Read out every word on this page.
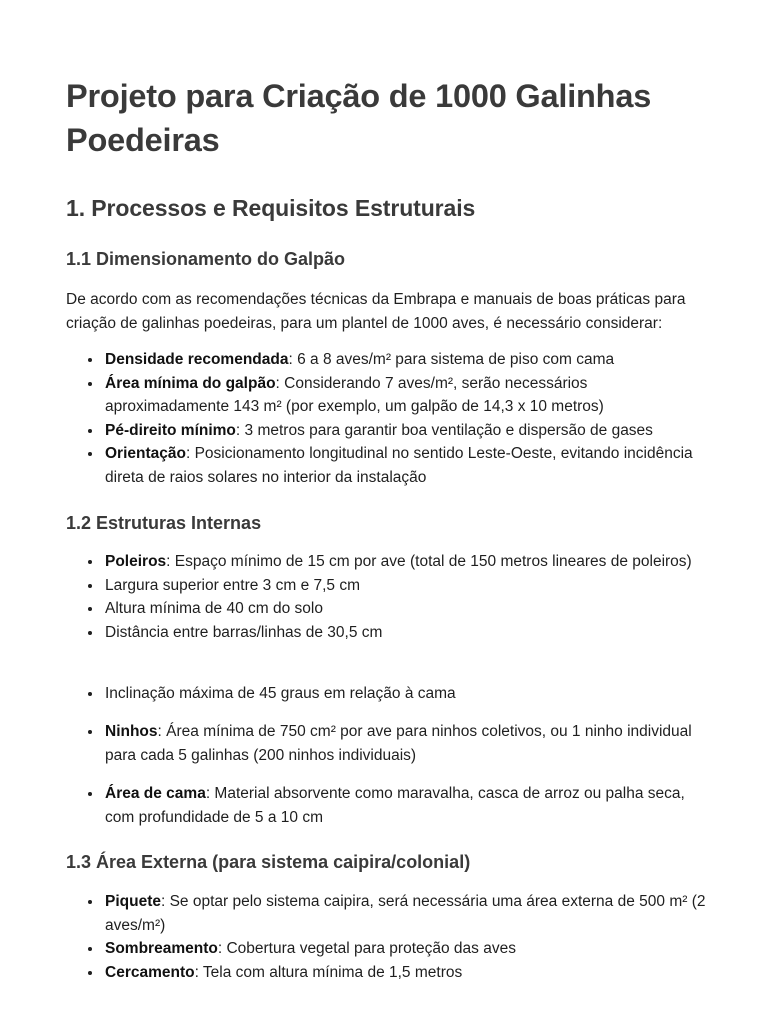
Projeto para Criação de 1000 Galinhas Poedeiras
1. Processos e Requisitos Estruturais
1.1 Dimensionamento do Galpão

De acordo com as recomendações técnicas da Embrapa e manuais de boas práticas para criação de galinhas poedeiras, para um plantel de 1000 aves, é necessário considerar:

Densidade recomendada: 6 a 8 aves/m² para sistema de piso com cama
Área mínima do galpão: Considerando 7 aves/m², serão necessários aproximadamente 143 m² (por exemplo, um galpão de 14,3 x 10 metros)
Pé-direito mínimo: 3 metros para garantir boa ventilação e dispersão de gases
Orientação: Posicionamento longitudinal no sentido Leste-Oeste, evitando incidência direta de raios solares no interior da instalação
1.2 Estruturas Internas
Poleiros: Espaço mínimo de 15 cm por ave (total de 150 metros lineares de poleiros)
Largura superior entre 3 cm e 7,5 cm
Altura mínima de 40 cm do solo
Distância entre barras/linhas de 30,5 cm
Inclinação máxima de 45 graus em relação à cama
Ninhos: Área mínima de 750 cm² por ave para ninhos coletivos, ou 1 ninho individual para cada 5 galinhas (200 ninhos individuais)
Área de cama: Material absorvente como maravalha, casca de arroz ou palha seca, com profundidade de 5 a 10 cm
1.3 Área Externa (para sistema caipira/colonial)
Piquete: Se optar pelo sistema caipira, será necessária uma área externa de 500 m² (2 aves/m²)
Sombreamento: Cobertura vegetal para proteção das aves
Cercamento: Tela com altura mínima de 1,5 metros
